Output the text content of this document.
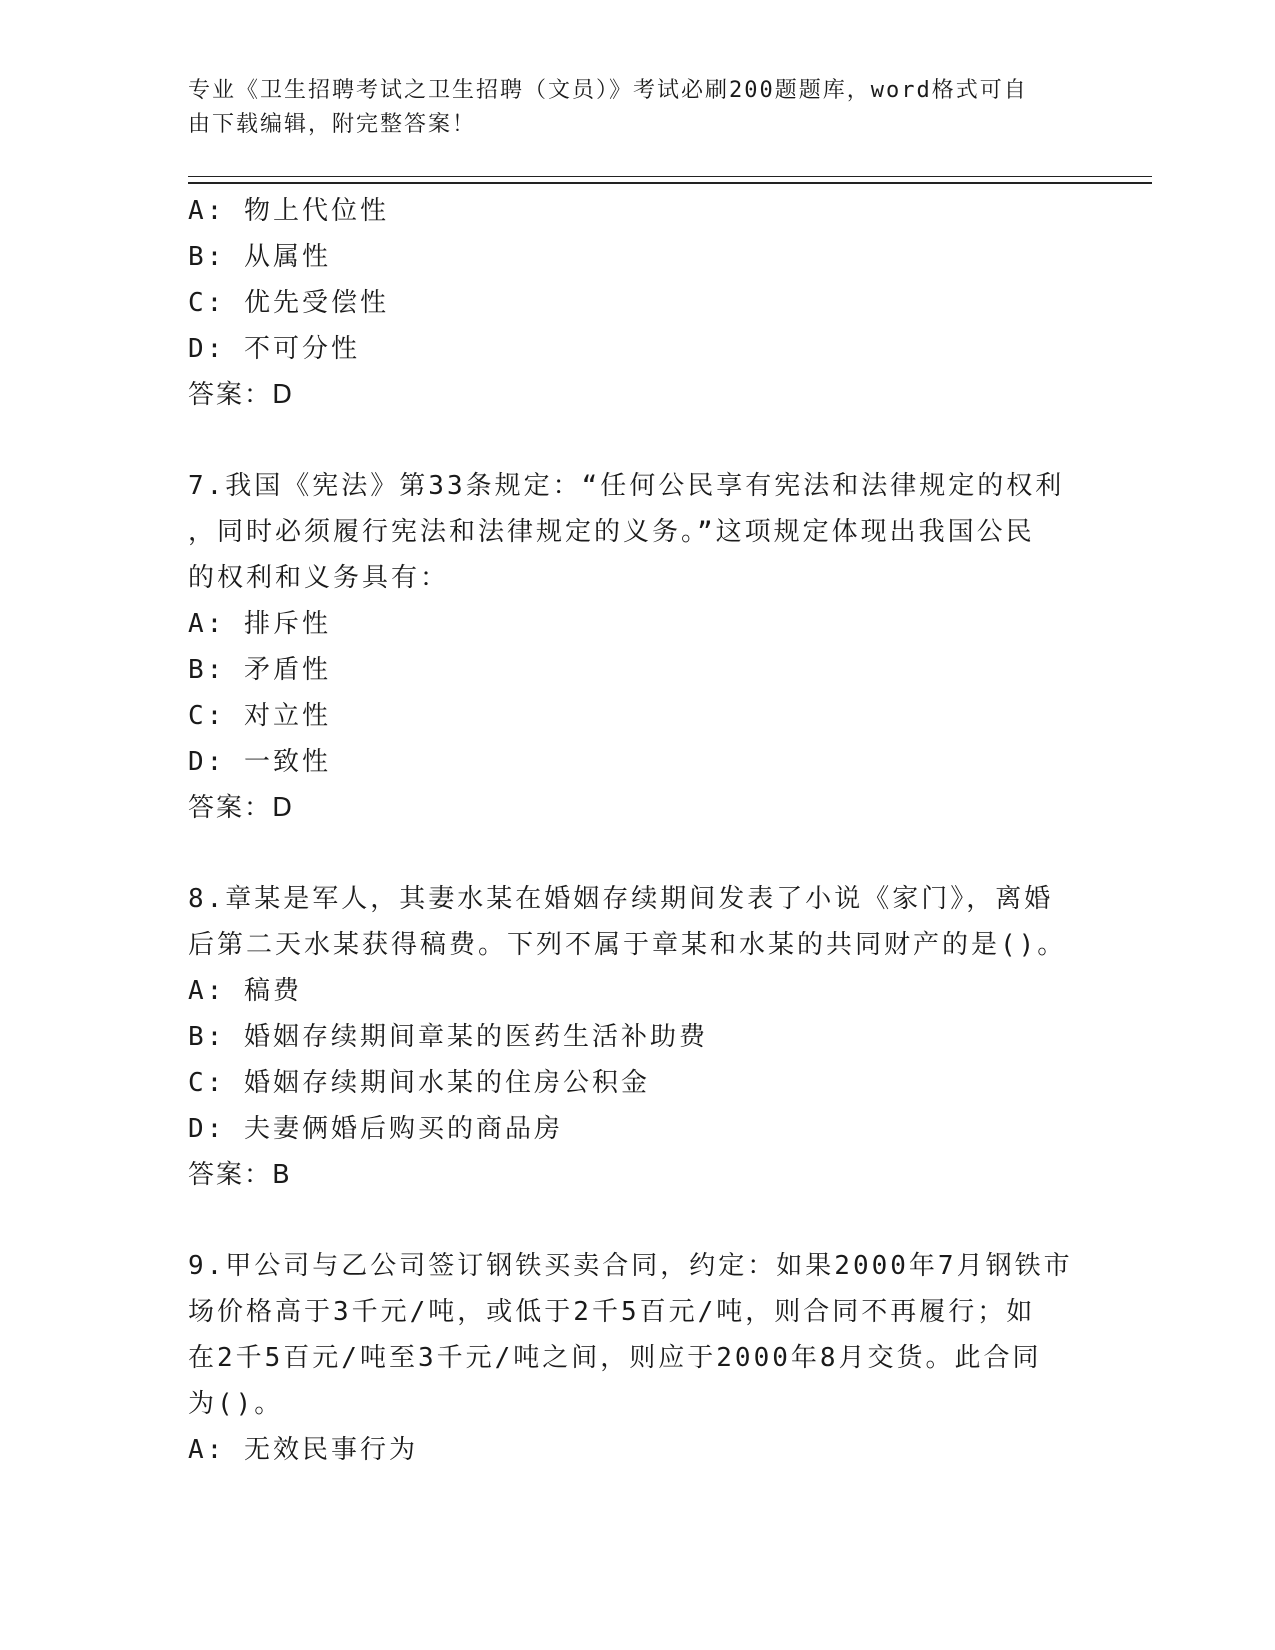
专业《卫生招聘考试之卫生招聘（文员）》考试必刷200题题库，word格式可自
由下载编辑，附完整答案！
A: 物上代位性
B: 从属性
C: 优先受偿性
D: 不可分性
答案：D
7.我国《宪法》第33条规定：“任何公民享有宪法和法律规定的权利
，同时必须履行宪法和法律规定的义务。”这项规定体现出我国公民
的权利和义务具有：
A: 排斥性
B: 矛盾性
C: 对立性
D: 一致性
答案：D
8.章某是军人，其妻水某在婚姻存续期间发表了小说《家门》，离婚
后第二天水某获得稿费。下列不属于章某和水某的共同财产的是()。
A: 稿费
B: 婚姻存续期间章某的医药生活补助费
C: 婚姻存续期间水某的住房公积金
D: 夫妻俩婚后购买的商品房
答案：B
9.甲公司与乙公司签订钢铁买卖合同，约定：如果2000年7月钢铁市
场价格高于3千元/吨，或低于2千5百元/吨，则合同不再履行；如
在2千5百元/吨至3千元/吨之间，则应于2000年8月交货。此合同
为()。
A: 无效民事行为
